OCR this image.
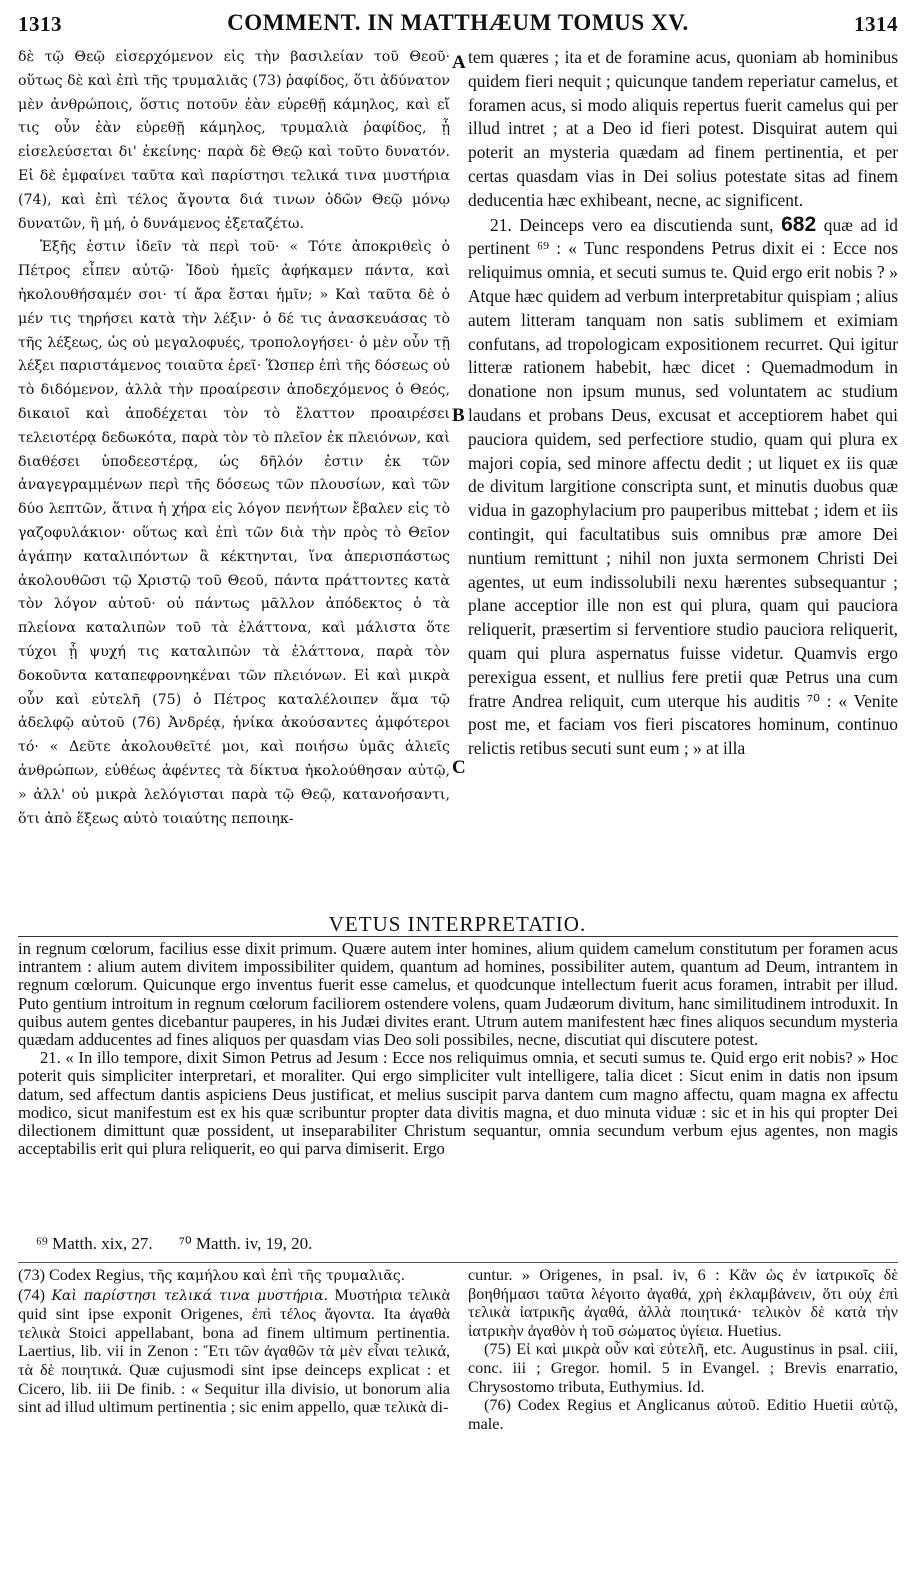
1313	COMMENT. IN MATTHÆUM TOMUS XV.	1314

δὲ τῷ Θεῷ εἰσερχόμενον εἰς τὴν βασιλείαν τοῦ Θεοῦ· οὕτως δὲ καὶ ἐπὶ τῆς τρυμαλιᾶς (73) ῥαφίδος, ὅτι ἀδύνατον μὲν ἀνθρώποις, ὅστις ποτοῦν ἐὰν εὑρεθῇ κάμηλος, καὶ εἴ τις οὖν ἐὰν εὑρεθῇ κάμηλος, τρυμαλιὰ ῥαφίδος, ᾗ εἰσελεύσεται δι' ἐκείνης· παρὰ δὲ Θεῷ καὶ τοῦτο δυνατόν. Εἰ δὲ ἐμφαίνει ταῦτα καὶ παρίστησι τελικά τινα μυστήρια (74), καὶ ἐπὶ τέλος ἄγοντα διά τινων ὁδῶν Θεῷ μόνῳ δυνατῶν, ἢ μή, ὁ δυνάμενος ἐξεταζέτω.

Ἑξῆς ἐστιν ἰδεῖν τὰ περὶ τοῦ· « Τότε ἀποκριθεὶς ὁ Πέτρος εἶπεν αὐτῷ· Ἰδοὺ ἡμεῖς ἀφήκαμεν πάντα, καὶ ἠκολουθήσαμέν σοι· τί ἄρα ἔσται ἡμῖν; » Καὶ ταῦτα δὲ ὁ μέν τις τηρήσει κατὰ τὴν λέξιν· ὁ δέ τις ἀνασκευάσας τὸ τῆς λέξεως, ὡς οὐ μεγαλοφυές, τροπολογήσει· ὁ μὲν οὖν τῇ λέξει παριστάμενος τοιαῦτα ἐρεῖ· Ὥσπερ ἐπὶ τῆς δόσεως οὐ τὸ διδόμενον, ἀλλὰ τὴν προαίρεσιν ἀποδεχόμενος ὁ Θεός, δικαιοῖ καὶ ἀποδέχεται τὸν τὸ ἔλαττον προαιρέσει τελειοτέρᾳ δεδωκότα, παρὰ τὸν τὸ πλεῖον ἐκ πλειόνων, καὶ διαθέσει ὑποδεεστέρᾳ, ὡς δῆλόν ἐστιν ἐκ τῶν ἀναγεγραμμένων περὶ τῆς δόσεως τῶν πλουσίων, καὶ τῶν δύο λεπτῶν, ἅτινα ἡ χήρα εἰς λόγον πενήτων ἔβαλεν εἰς τὸ γαζοφυλάκιον· οὕτως καὶ ἐπὶ τῶν διὰ τὴν πρὸς τὸ Θεῖον ἀγάπην καταλιπόντων ἃ κέκτηνται, ἵνα ἀπερισπάστως ἀκολουθῶσι τῷ Χριστῷ τοῦ Θεοῦ, πάντα πράττοντες κατὰ τὸν λόγον αὐτοῦ· οὐ πάντως μᾶλλον ἀπόδεκτος ὁ τὰ πλείονα καταλιπὼν τοῦ τὰ ἐλάττονα, καὶ μάλιστα ὅτε τύχοι ᾗ ψυχή τις καταλιπὼν τὰ ἐλάττονα, παρὰ τὸν δοκοῦντα καταπεφρονηκέναι τῶν πλειόνων. Εἰ καὶ μικρὰ οὖν καὶ εὐτελῆ (75) ὁ Πέτρος καταλέλοιπεν ἅμα τῷ ἀδελφῷ αὐτοῦ (76) Ἀνδρέᾳ, ἡνίκα ἀκούσαντες ἀμφότεροι τό· « Δεῦτε ἀκολουθεῖτέ μοι, καὶ ποιήσω ὑμᾶς ἁλιεῖς ἀνθρώπων, εὐθέως ἀφέντες τὰ δίκτυα ἠκολούθησαν αὐτῷ, » ἀλλ' οὐ μικρὰ λελόγισται παρὰ τῷ Θεῷ, κατανοήσαντι, ὅτι ἀπὸ ἕξεως αὐτὸ τοιαύτης πεποιηκ-

A
B
C

tem quæres ; ita et de foramine acus, quoniam ab hominibus quidem fieri nequit ; quicunque tandem reperiatur camelus, et foramen acus, si modo aliquis repertus fuerit camelus qui per illud intret ; at a Deo id fieri potest. Disquirat autem qui poterit an mysteria quædam ad finem pertinentia, et per certas quasdam vias in Dei solius potestate sitas ad finem deducentia hæc exhibeant, necne, ac significent.

21. Deinceps vero ea discutienda sunt, 682 quæ ad id pertinent ⁶⁹ : « Tunc respondens Petrus dixit ei : Ecce nos reliquimus omnia, et secuti sumus te. Quid ergo erit nobis ? » Atque hæc quidem ad verbum interpretabitur quispiam ; alius autem litteram tanquam non satis sublimem et eximiam confutans, ad tropologicam expositionem recurret. Qui igitur litteræ rationem habebit, hæc dicet : Quemadmodum in donatione non ipsum munus, sed voluntatem ac studium laudans et probans Deus, excusat et acceptiorem habet qui pauciora quidem, sed perfectiore studio, quam qui plura ex majori copia, sed minore affectu dedit ; ut liquet ex iis quæ de divitum largitione conscripta sunt, et minutis duobus quæ vidua in gazophylacium pro pauperibus mittebat ; idem et iis contingit, qui facultatibus suis omnibus præ amore Dei nuntium remittunt ; nihil non juxta sermonem Christi Dei agentes, ut eum indissolubili nexu hærentes subsequantur ; plane acceptior ille non est qui plura, quam qui pauciora reliquerit, præsertim si ferventiore studio pauciora reliquerit, quam qui plura aspernatus fuisse videtur. Quamvis ergo perexigua essent, et nullius fere pretii quæ Petrus una cum fratre Andrea reliquit, cum uterque his auditis ⁷⁰ : « Venite post me, et faciam vos fieri piscatores hominum, continuo relictis retibus secuti sunt eum ; » at illa

VETUS INTERPRETATIO.

in regnum cœlorum, facilius esse dixit primum. Quære autem inter homines, alium quidem camelum constitutum per foramen acus intrantem : alium autem divitem impossibiliter quidem, quantum ad homines, possibiliter autem, quantum ad Deum, intrantem in regnum cœlorum. Quicunque ergo inventus fuerit esse camelus, et quodcunque intellectum fuerit acus foramen, intrabit per illud. Puto gentium introitum in regnum cœlorum faciliorem ostendere volens, quam Judæorum divitum, hanc similitudinem introduxit. In quibus autem gentes dicebantur pauperes, in his Judæi divites erant. Utrum autem manifestent hæc fines aliquos secundum mysteria quædam adducentes ad fines aliquos per quasdam vias Deo soli possibiles, necne, discutiat qui discutere potest.

21. « In illo tempore, dixit Simon Petrus ad Jesum : Ecce nos reliquimus omnia, et secuti sumus te. Quid ergo erit nobis? » Hoc poterit quis simpliciter interpretari, et moraliter. Qui ergo simpliciter vult intelligere, talia dicet : Sicut enim in datis non ipsum datum, sed affectum dantis aspiciens Deus justificat, et melius suscipit parva dantem cum magno affectu, quam magna ex affectu modico, sicut manifestum est ex his quæ scribuntur propter data divitis magna, et duo minuta viduæ : sic et in his qui propter Dei dilectionem dimittunt quæ possident, ut inseparabiliter Christum sequantur, omnia secundum verbum ejus agentes, non magis acceptabilis erit qui plura reliquerit, eo qui parva dimiserit. Ergo

⁶⁹ Matth. xix, 27. ⁷⁰ Matth. iv, 19, 20.

(73) Codex Regius, τῆς καμήλου καὶ ἐπὶ τῆς τρυμαλιᾶς.

(74) Καὶ παρίστησι τελικά τινα μυστήρια. Μυστήρια τελικὰ quid sint ipse exponit Origenes, ἐπὶ τέλος ἄγοντα. Ita ἀγαθὰ τελικὰ Stoici appellabant, bona ad finem ultimum pertinentia. Laertius, lib. vii in Zenon : Ἔτι τῶν ἀγαθῶν τὰ μὲν εἶναι τελικά, τὰ δὲ ποιητικά. Quæ cujusmodi sint ipse deinceps explicat : et Cicero, lib. iii De finib. : « Sequitur illa divisio, ut bonorum alia sint ad illud ultimum pertinentia ; sic enim appello, quæ τελικὰ di-

cuntur. » Origenes, in psal. iv, 6 : Κἂν ὡς ἐν ἰατρικοῖς δὲ βοηθήμασι ταῦτα λέγοιτο ἀγαθά, χρὴ ἐκλαμβάνειν, ὅτι οὐχ ἐπὶ τελικὰ ἰατρικῆς ἀγαθά, ἀλλὰ ποιητικά· τελικὸν δὲ κατὰ τὴν ἰατρικὴν ἀγαθὸν ἡ τοῦ σώματος ὑγίεια. Huetius.

(75) Εἰ καὶ μικρὰ οὖν καὶ εὐτελῆ, etc. Augustinus in psal. ciii, conc. iii ; Gregor. homil. 5 in Evangel. ; Brevis enarratio, Chrysostomo tributa, Euthymius. Id.

(76) Codex Regius et Anglicanus αὐτοῦ. Editio Huetii αὐτῷ, male.
